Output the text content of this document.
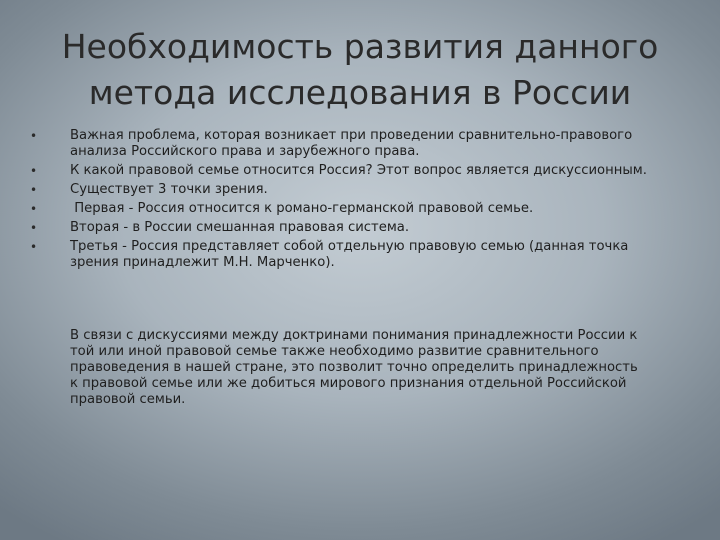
Необходимость развития данного
метода исследования в России
• Важная проблема, которая возникает при проведении сравнительно-правового анализа Российского права и зарубежного права.
• К какой правовой семье относится Россия? Этот вопрос является дискуссионным.
• Существует 3 точки зрения.
• Первая - Россия относится к романо-германской правовой семье.
• Вторая - в России смешанная правовая система.
• Третья - Россия представляет собой отдельную правовую семью (данная точка зрения принадлежит М.Н. Марченко).

В связи с дискуссиями между доктринами понимания принадлежности России к той или иной правовой семье также необходимо развитие сравнительного правоведения в нашей стране, это позволит точно определить принадлежность к правовой семье или же добиться мирового признания отдельной Российской правовой семьи.
